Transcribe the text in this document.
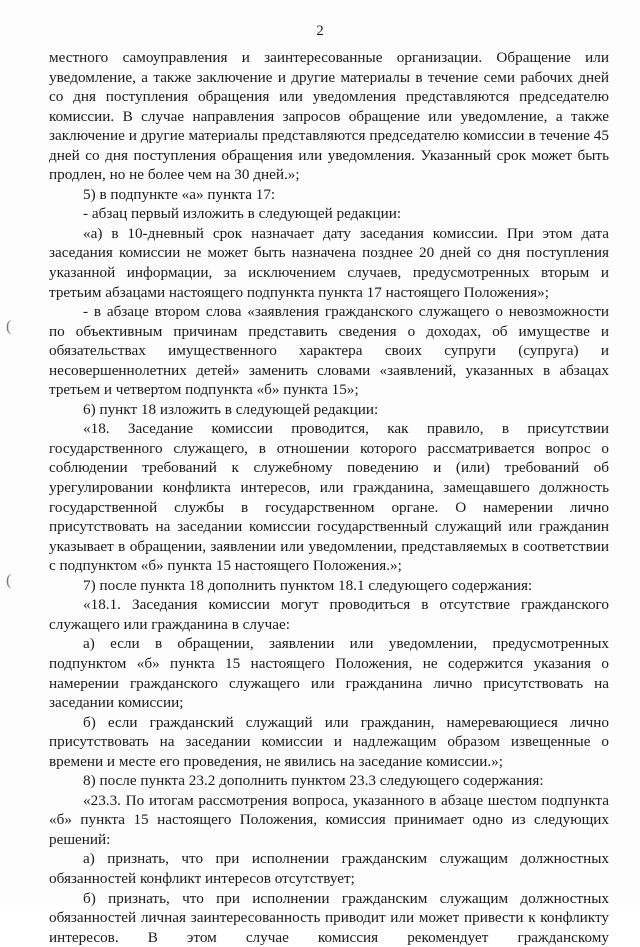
2
(
(

местного самоуправления и заинтересованные организации. Обращение или уведомление, а также заключение и другие материалы в течение семи рабочих дней со дня поступления обращения или уведомления представляются председателю комиссии. В случае направления запросов обращение или уведомление, а также заключение и другие материалы представляются председателю комиссии в течение 45 дней со дня поступления обращения или уведомления. Указанный срок может быть продлен, но не более чем на 30 дней.»;

5) в подпункте «а» пункта 17:

- абзац первый изложить в следующей редакции:

«а) в 10-дневный срок назначает дату заседания комиссии. При этом дата заседания комиссии не может быть назначена позднее 20 дней со дня поступления указанной информации, за исключением случаев, предусмотренных вторым и третьим абзацами настоящего подпункта пункта 17 настоящего Положения»;

- в абзаце втором слова «заявления гражданского служащего о невозможности по объективным причинам представить сведения о доходах, об имуществе и обязательствах имущественного характера своих супруги (супруга) и несовершеннолетних детей» заменить словами «заявлений, указанных в абзацах третьем и четвертом подпункта «б» пункта 15»;

6) пункт 18 изложить в следующей редакции:

«18. Заседание комиссии проводится, как правило, в присутствии государственного служащего, в отношении которого рассматривается вопрос о соблюдении требований к служебному поведению и (или) требований об урегулировании конфликта интересов, или гражданина, замещавшего должность государственной службы в государственном органе. О намерении лично присутствовать на заседании комиссии государственный служащий или гражданин указывает в обращении, заявлении или уведомлении, представляемых в соответствии с подпунктом «б» пункта 15 настоящего Положения.»;

7) после пункта 18 дополнить пунктом 18.1 следующего содержания:

«18.1. Заседания комиссии могут проводиться в отсутствие гражданского служащего или гражданина в случае:

а) если в обращении, заявлении или уведомлении, предусмотренных подпунктом «б» пункта 15 настоящего Положения, не содержится указания о намерении гражданского служащего или гражданина лично присутствовать на заседании комиссии;

б) если гражданский служащий или гражданин, намеревающиеся лично присутствовать на заседании комиссии и надлежащим образом извещенные о времени и месте его проведения, не явились на заседание комиссии.»;

8) после пункта 23.2 дополнить пунктом 23.3 следующего содержания:

«23.3. По итогам рассмотрения вопроса, указанного в абзаце шестом подпункта «б» пункта 15 настоящего Положения, комиссия принимает одно из следующих решений:

а) признать, что при исполнении гражданским служащим должностных обязанностей конфликт интересов отсутствует;

б) признать, что при исполнении гражданским служащим должностных обязанностей личная заинтересованность приводит или может привести к конфликту интересов. В этом случае комиссия рекомендует гражданскому
